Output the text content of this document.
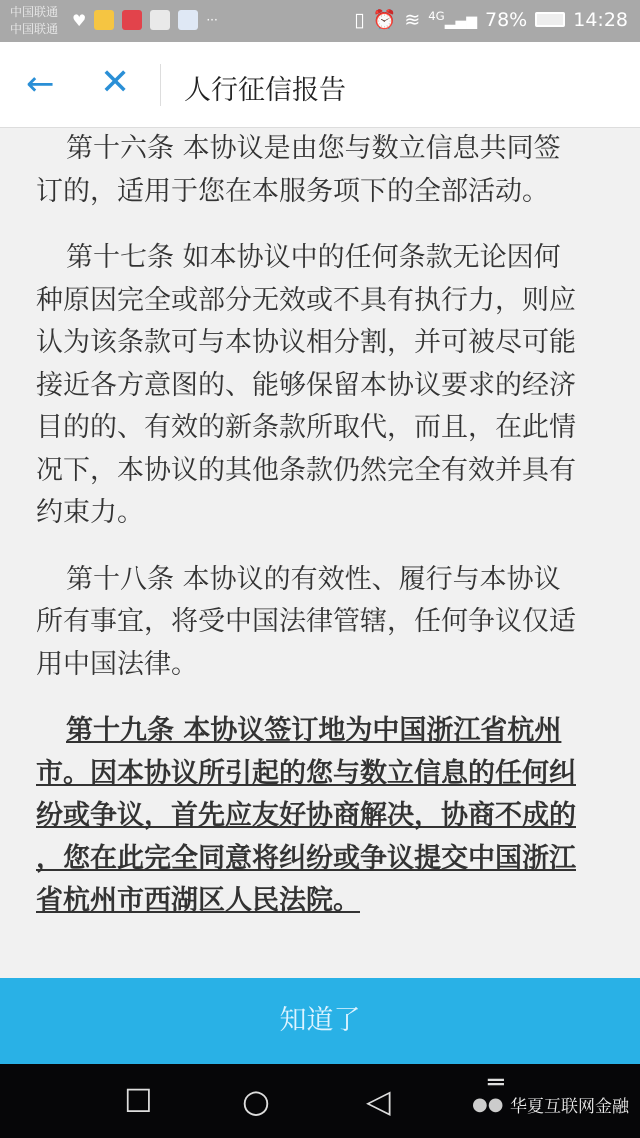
中国联通
中国联通 ♥	···	▯ ⏰ ≋ $^{4G}$▂▄▆ 78% 14:28
← ✕ 人行征信报告
第十六条 本协议是由您与数立信息共同签
订的，适用于您在本服务项下的全部活动。
第十七条 如本协议中的任何条款无论因何
种原因完全或部分无效或不具有执行力，则应
认为该条款可与本协议相分割，并可被尽可能
接近各方意图的、能够保留本协议要求的经济
目的的、有效的新条款所取代，而且，在此情
况下，本协议的其他条款仍然完全有效并具有
约束力。
第十八条 本协议的有效性、履行与本协议
所有事宜，将受中国法律管辖，任何争议仅适
用中国法律。
第十九条 本协议签订地为中国浙江省杭州
市。因本协议所引起的您与数立信息的任何纠
纷或争议，首先应友好协商解决，协商不成的
，您在此完全同意将纠纷或争议提交中国浙江
省杭州市西湖区人民法院。
知道了
☐	○	◁	═
●● 华夏互联网金融
